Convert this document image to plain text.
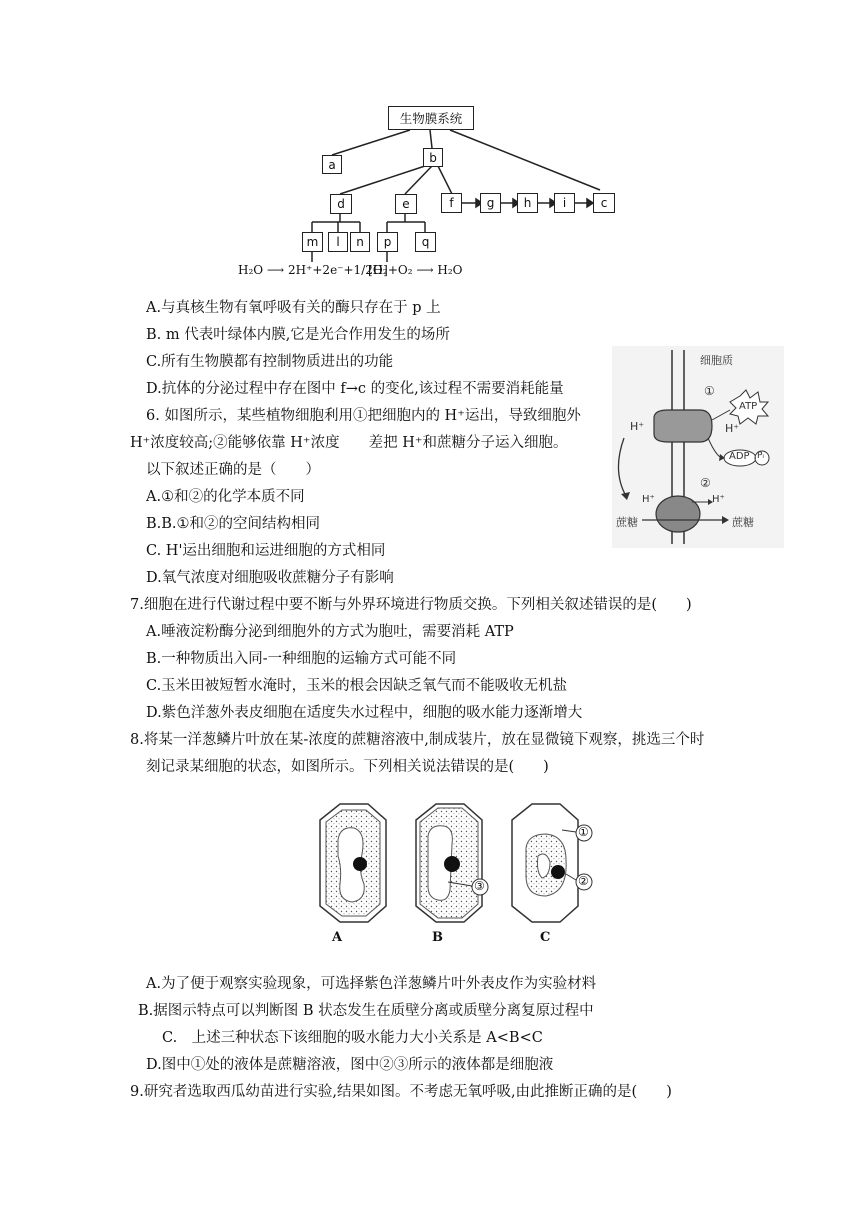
生物膜系统
a	b
c
d	e	f	g	h	i
m	l	n	p	q
H₂O ⟶ 2H⁺+2e⁻+1/2O₂
[H]+O₂ ⟶ H₂O
A.与真核生物有氧呼吸有关的酶只存在于 p 上
B. m 代表叶绿体内膜,它是光合作用发生的场所
C.所有生物膜都有控制物质进出的功能
D.抗体的分泌过程中存在图中 f→c 的变化,该过程不需要消耗能量
6. 如图所示，某些植物细胞利用①把细胞内的 H⁺运出，导致细胞外
H⁺浓度较高;②能够依靠 H⁺浓度　　差把 H⁺和蔗糖分子运入细胞。
以下叙述正确的是（　　）
A.①和②的化学本质不同
B.B.①和②的空间结构相同
C. H'运出细胞和运进细胞的方式相同
D.氧气浓度对细胞吸收蔗糖分子有影响
细胞质
①
ATP
H⁺	H⁺
ADP Pᵢ
②
H⁺	H⁺
蔗糖	蔗糖
7.细胞在进行代谢过程中要不断与外界环境进行物质交换。下列相关叙述错误的是(　　)
A.唾液淀粉酶分泌到细胞外的方式为胞吐，需要消耗 ATP
B.一种物质出入同-一种细胞的运输方式可能不同
C.玉米田被短暂水淹时，玉米的根会因缺乏氧气而不能吸收无机盐
D.紫色洋葱外表皮细胞在适度失水过程中，细胞的吸水能力逐渐增大
8.将某一洋葱鳞片叶放在某-浓度的蔗糖溶液中,制成装片，放在显微镜下观察，挑选三个时
刻记录某细胞的状态，如图所示。下列相关说法错误的是(　　)
A	B	C
③
①
②
A.为了便于观察实验现象，可选择紫色洋葱鳞片叶外表皮作为实验材料
B.据图示特点可以判断图 B 状态发生在质壁分离或质壁分离复原过程中
C.　上述三种状态下该细胞的吸水能力大小关系是 A<B<C
D.图中①处的液体是蔗糖溶液，图中②③所示的液体都是细胞液
9.研究者选取西瓜幼苗进行实验,结果如图。不考虑无氧呼吸,由此推断正确的是(　　)
